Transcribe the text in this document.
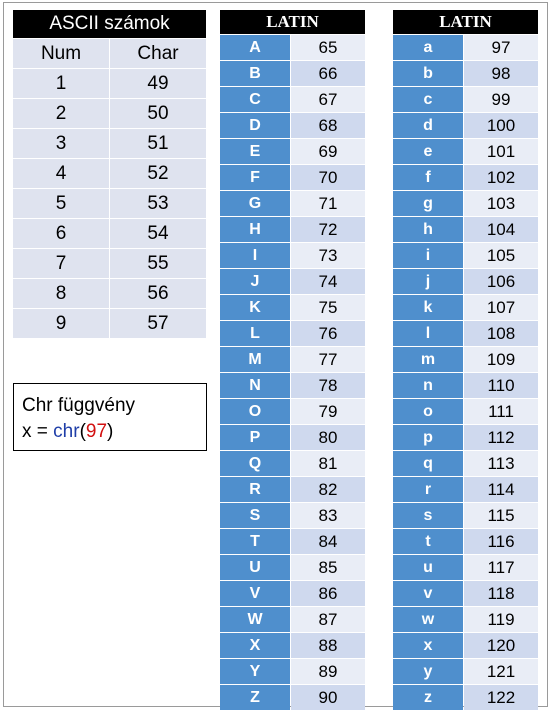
ASCII számok
Num	Char
1	49
2	50
3	51
4	52
5	53
6	54
7	55
8	56
9	57
Chr függvény
x = chr(97)
LATIN
A	65
B	66
C	67
D	68
E	69
F	70
G	71
H	72
I	73
J	74
K	75
L	76
M	77
N	78
O	79
P	80
Q	81
R	82
S	83
T	84
U	85
V	86
W	87
X	88
Y	89
Z	90
LATIN
a	97
b	98
c	99
d	100
e	101
f	102
g	103
h	104
i	105
j	106
k	107
l	108
m	109
n	110
o	111
p	112
q	113
r	114
s	115
t	116
u	117
v	118
w	119
x	120
y	121
z	122
